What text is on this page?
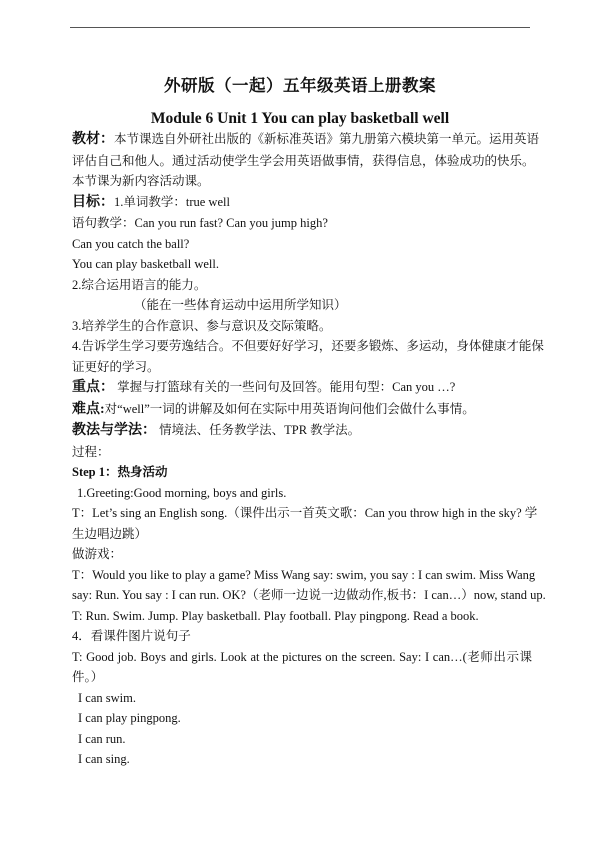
外研版（一起）五年级英语上册教案
Module 6 Unit 1 You can play basketball well

教材：本节课选自外研社出版的《新标准英语》第九册第六模块第一单元。运用英语

评估自己和他人。通过活动使学生学会用英语做事情，获得信息，体验成功的快乐。

本节课为新内容活动课。

目标：1.单词教学：true well

语句教学：Can you run fast? Can you jump high?

Can you catch the ball?

You can play basketball well.

2.综合运用语言的能力。

（能在一些体育运动中运用所学知识）

3.培养学生的合作意识、参与意识及交际策略。

4.告诉学生学习要劳逸结合。不但要好好学习，还要多锻炼、多运动，身体健康才能保

证更好的学习。

重点： 掌握与打篮球有关的一些问句及回答。能用句型：Can you …?

难点:对“well”一词的讲解及如何在实际中用英语询问他们会做什么事情。

教法与学法： 情境法、任务教学法、TPR 教学法。

过程：

Step 1：热身活动

1.Greeting:Good morning, boys and girls.

T：Let’s sing an English song.（课件出示一首英文歌：Can you throw high in the sky? 学

生边唱边跳）

做游戏：

T：Would you like to play a game? Miss Wang say: swim, you say : I can swim. Miss Wang

say: Run. You say : I can run. OK?（老师一边说一边做动作,板书：I can…）now, stand up.

T: Run. Swim. Jump. Play basketball. Play football. Play pingpong. Read a book.

4．看课件图片说句子

T: Good job. Boys and girls. Look at the pictures on the screen. Say: I can…(老师出示课

件。）

I can swim.

I can play pingpong.

I can run.

I can sing.
